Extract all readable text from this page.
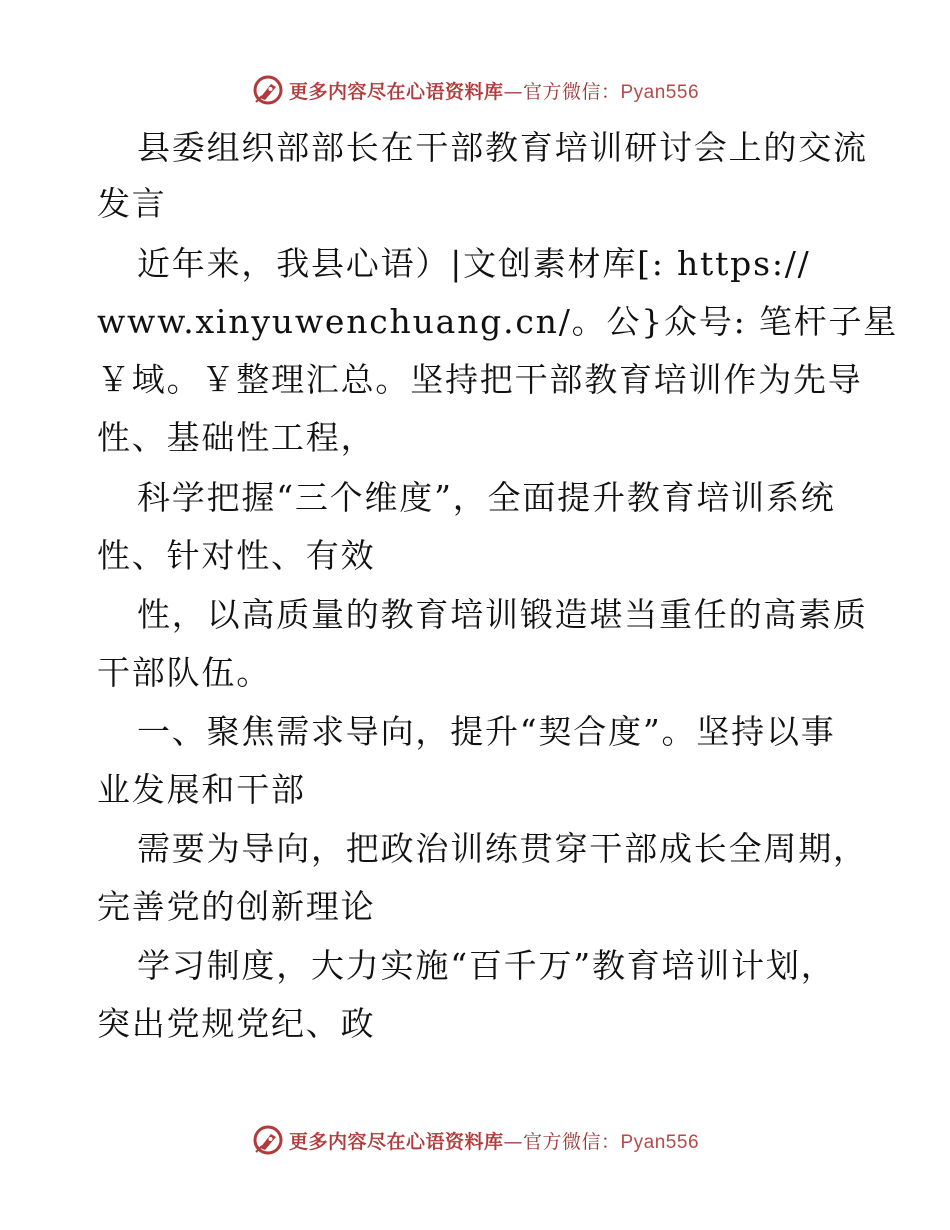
更多内容尽在心语资料库—官方微信：Pyan556
县委组织部部长在干部教育培训研讨会上的交流
发言
近年来，我县心语）|文创素材库[: https://
www.xinyuwenchuang.cn/。公}众号: 笔杆子星
￥域。￥整理汇总。坚持把干部教育培训作为先导
性、基础性工程，
科学把握“三个维度”，全面提升教育培训系统
性、针对性、有效
性，以高质量的教育培训锻造堪当重任的高素质
干部队伍。
一、聚焦需求导向，提升“契合度”。坚持以事
业发展和干部
需要为导向，把政治训练贯穿干部成长全周期，
完善党的创新理论
学习制度，大力实施“百千万”教育培训计划，
突出党规党纪、政
更多内容尽在心语资料库—官方微信：Pyan556
